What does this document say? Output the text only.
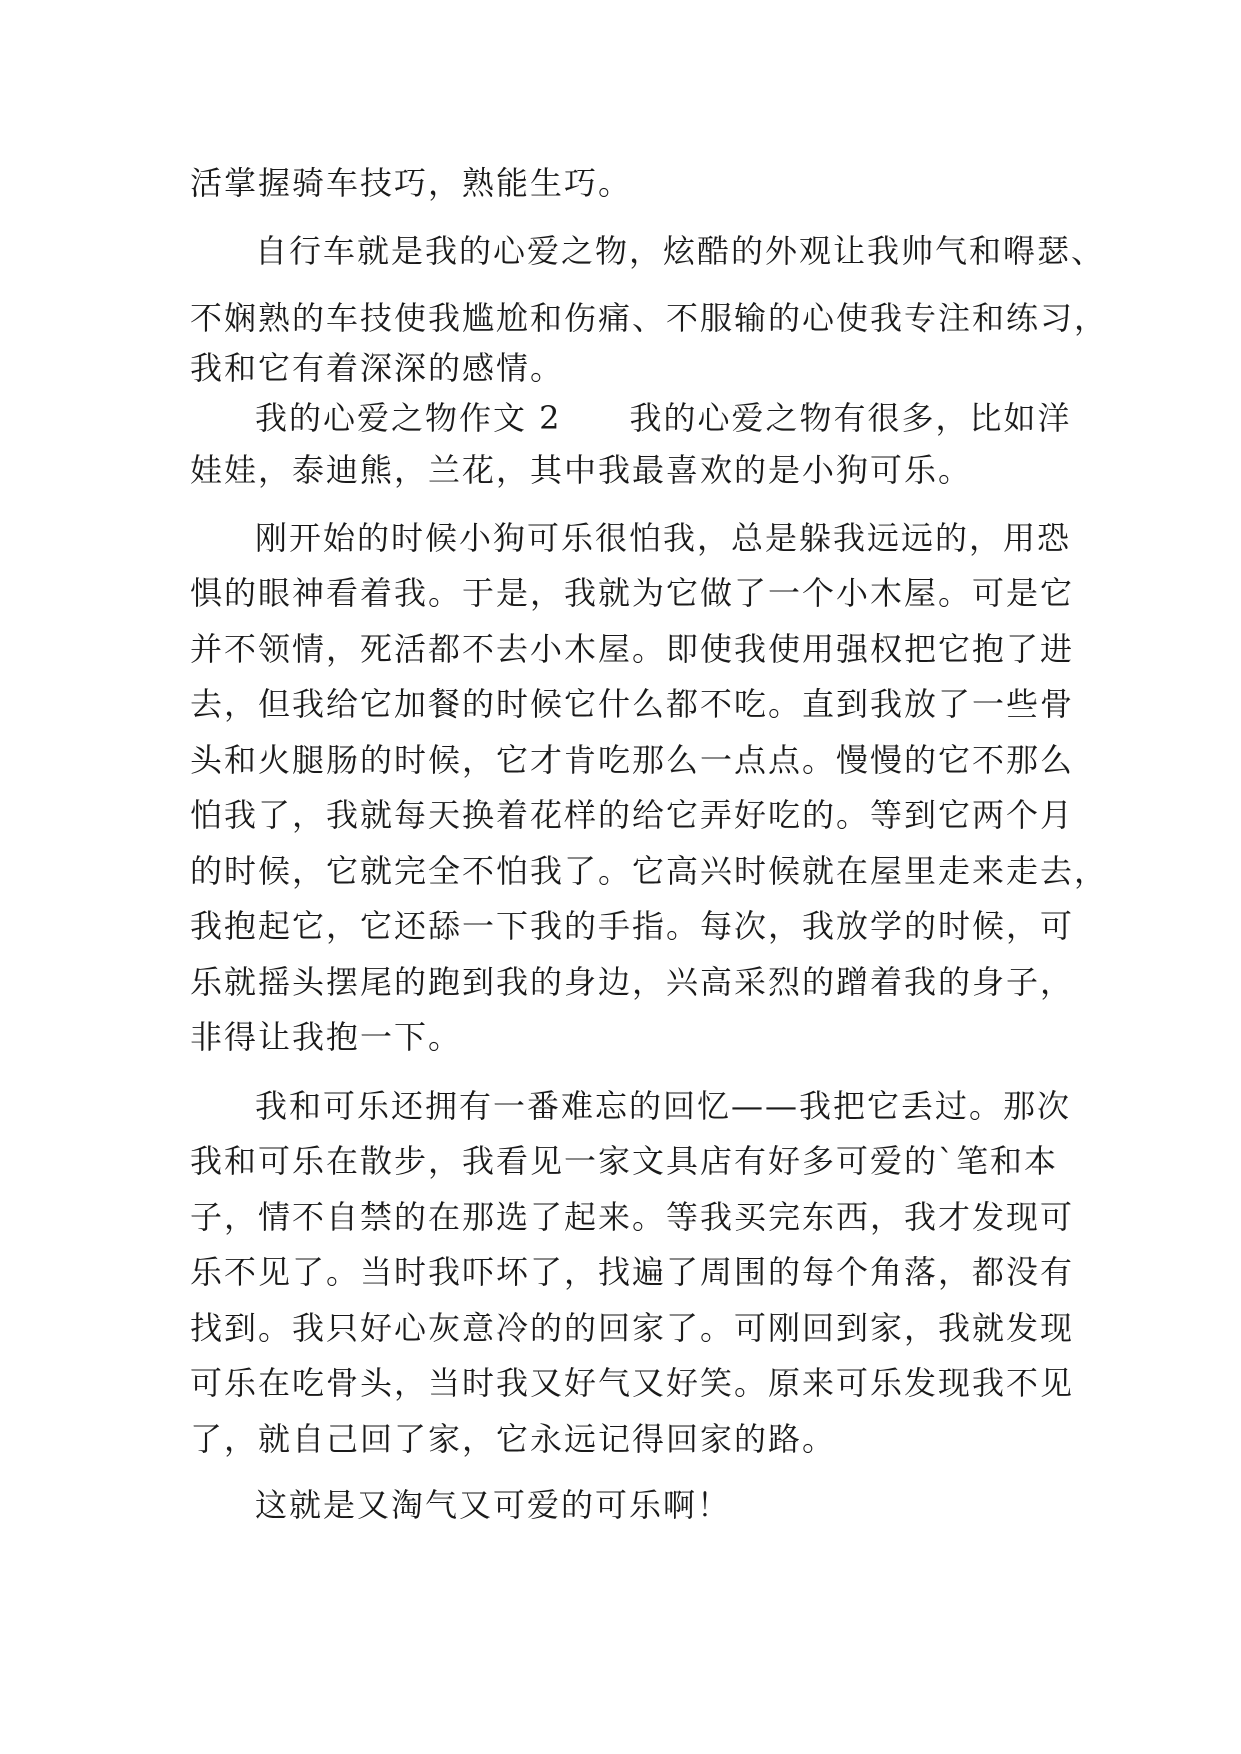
活掌握骑车技巧，熟能生巧。
自行车就是我的心爱之物，炫酷的外观让我帅气和嘚瑟、
不娴熟的车技使我尴尬和伤痛、不服输的心使我专注和练习，
我和它有着深深的感情。
我的心爱之物作文 2　　我的心爱之物有很多，比如洋
娃娃，泰迪熊，兰花，其中我最喜欢的是小狗可乐。
刚开始的时候小狗可乐很怕我，总是躲我远远的，用恐
惧的眼神看着我。于是，我就为它做了一个小木屋。可是它
并不领情，死活都不去小木屋。即使我使用强权把它抱了进
去，但我给它加餐的时候它什么都不吃。直到我放了一些骨
头和火腿肠的时候，它才肯吃那么一点点。慢慢的它不那么
怕我了，我就每天换着花样的给它弄好吃的。等到它两个月
的时候，它就完全不怕我了。它高兴时候就在屋里走来走去，
我抱起它，它还舔一下我的手指。每次，我放学的时候，可
乐就摇头摆尾的跑到我的身边，兴高采烈的蹭着我的身子，
非得让我抱一下。
我和可乐还拥有一番难忘的回忆——我把它丢过。那次
我和可乐在散步，我看见一家文具店有好多可爱的`笔和本
子，情不自禁的在那选了起来。等我买完东西，我才发现可
乐不见了。当时我吓坏了，找遍了周围的每个角落，都没有
找到。我只好心灰意冷的的回家了。可刚回到家，我就发现
可乐在吃骨头，当时我又好气又好笑。原来可乐发现我不见
了，就自己回了家，它永远记得回家的路。
这就是又淘气又可爱的可乐啊！
